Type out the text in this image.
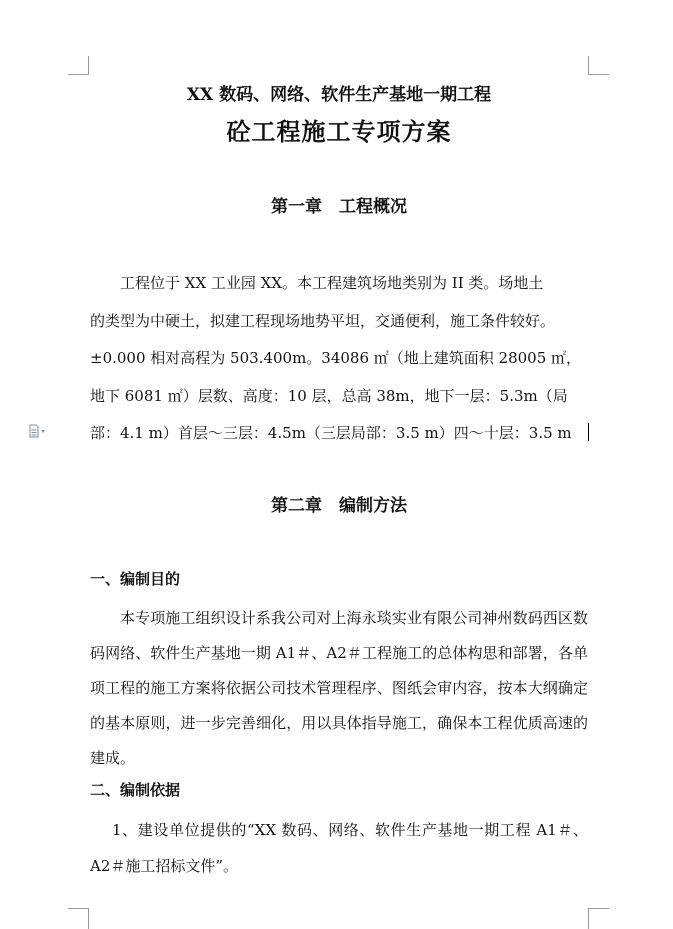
XX 数码、网络、软件生产基地一期工程
砼工程施工专项方案
第一章　工程概况
　　工程位于 XX 工业园 XX。本工程建筑场地类别为 II 类。场地土
的类型为中硬土，拟建工程现场地势平坦，交通便利，施工条件较好。
±0.000 相对高程为 503.400m。34086 ㎡（地上建筑面积 28005 ㎡，
地下 6081 ㎡）层数、高度：10 层，总高 38m，地下一层：5.3m（局
部：4.1 m）首层～三层：4.5m（三层局部：3.5 m）四～十层：3.5 m
第二章　编制方法
一、编制目的
本专项施工组织设计系我公司对上海永琰实业有限公司神州数码西区数码网络、软件生产基地一期 A1＃、A2＃工程施工的总体构思和部署，各单项工程的施工方案将依据公司技术管理程序、图纸会审内容，按本大纲确定的基本原则，进一步完善细化，用以具体指导施工，确保本工程优质高速的建成。
二、编制依据
1、建设单位提供的“XX 数码、网络、软件生产基地一期工程 A1＃、A2＃施工招标文件”。
